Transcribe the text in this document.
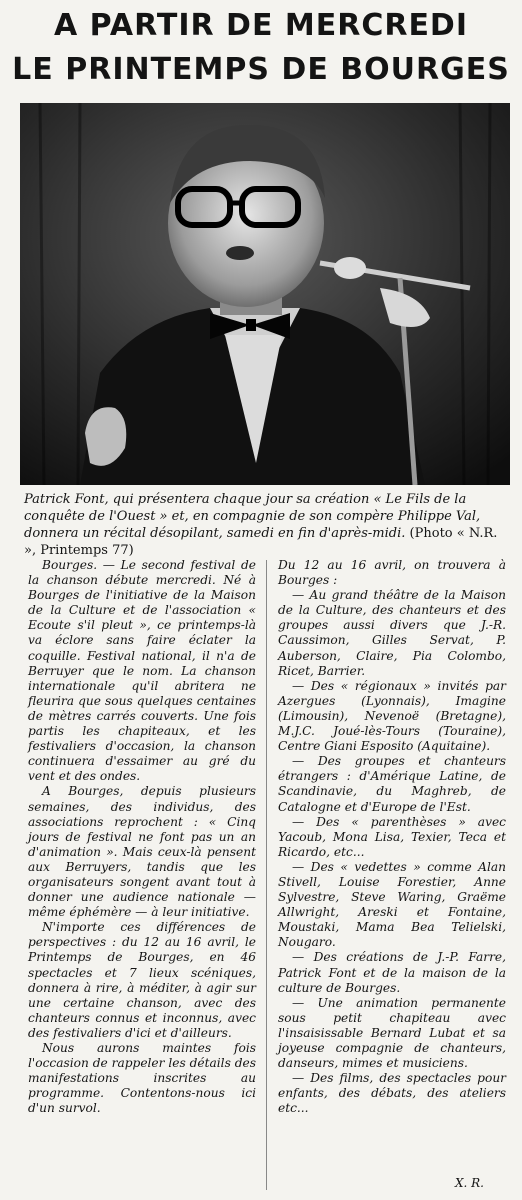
A PARTIR DE MERCREDI
LE PRINTEMPS DE BOURGES
Patrick Font, qui présentera chaque jour sa création « Le Fils de la conquête de l'Ouest » et, en compagnie de son compère Philippe Val, donnera un récital désopilant, samedi en fin d'après-midi. (Photo « N.R. », Printemps 77)

Bourges. — Le second festival de la chanson débute mercredi. Né à Bourges de l'initiative de la Maison de la Culture et de l'association « Ecoute s'il pleut », ce printemps-là va éclore sans faire éclater la coquille. Festival national, il n'a de Berruyer que le nom. La chanson internationale qu'il abritera ne fleurira que sous quelques centaines de mètres carrés couverts. Une fois partis les chapiteaux, et les festivaliers d'occasion, la chanson continuera d'essaimer au gré du vent et des ondes.

A Bourges, depuis plusieurs semaines, des individus, des associations reprochent : « Cinq jours de festival ne font pas un an d'animation ». Mais ceux-là pensent aux Berruyers, tandis que les organisateurs songent avant tout à donner une audience nationale — même éphémère — à leur initiative.

N'importe ces différences de perspectives : du 12 au 16 avril, le Printemps de Bourges, en 46 spectacles et 7 lieux scéniques, donnera à rire, à méditer, à agir sur une certaine chanson, avec des chanteurs connus et inconnus, avec des festivaliers d'ici et d'ailleurs.

Nous aurons maintes fois l'occasion de rappeler les détails des manifestations inscrites au programme. Contentons-nous ici d'un survol.

Du 12 au 16 avril, on trouvera à Bourges :

— Au grand théâtre de la Maison de la Culture, des chanteurs et des groupes aussi divers que J.-R. Caussimon, Gilles Servat, P. Auberson, Claire, Pia Colombo, Ricet, Barrier.

— Des « régionaux » invités par Azergues (Lyonnais), Imagine (Limousin), Nevenoë (Bretagne), M.J.C. Joué-lès-Tours (Touraine), Centre Giani Esposito (Aquitaine).

— Des groupes et chanteurs étrangers : d'Amérique Latine, de Scandinavie, du Maghreb, de Catalogne et d'Europe de l'Est.

— Des « parenthèses » avec Yacoub, Mona Lisa, Texier, Teca et Ricardo, etc...

— Des « vedettes » comme Alan Stivell, Louise Forestier, Anne Sylvestre, Steve Waring, Graëme Allwright, Areski et Fontaine, Moustaki, Mama Bea Telielski, Nougaro.

— Des créations de J.-P. Farre, Patrick Font et de la maison de la culture de Bourges.

— Une animation permanente sous petit chapiteau avec l'insaisissable Bernard Lubat et sa joyeuse compagnie de chanteurs, danseurs, mimes et musiciens.

— Des films, des spectacles pour enfants, des débats, des ateliers etc...

X. R.
